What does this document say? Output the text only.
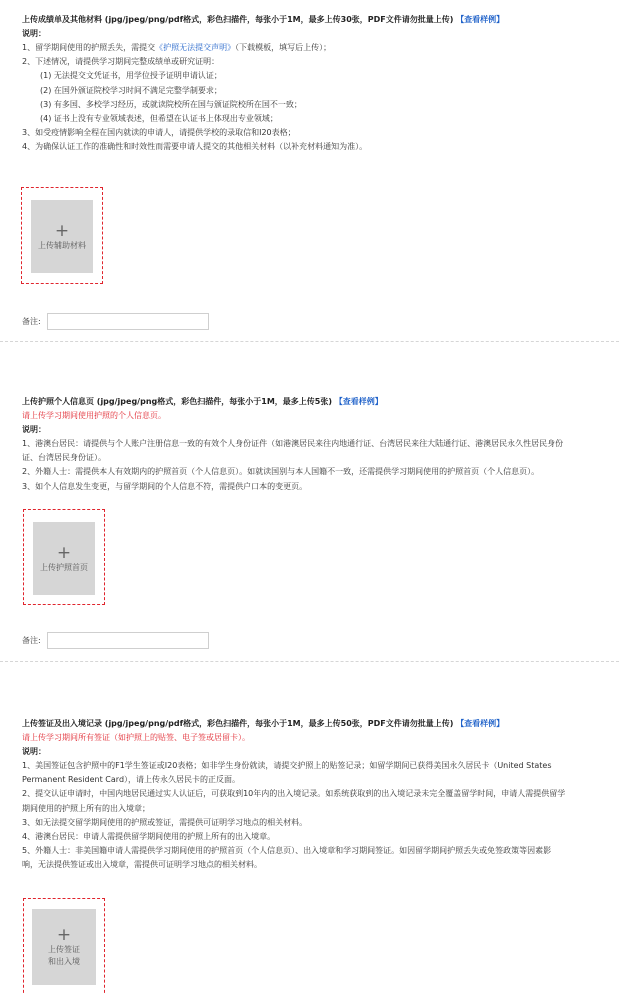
上传成绩单及其他材料 (jpg/jpeg/png/pdf格式，彩色扫描件，每张小于1M，最多上传30张，PDF文件请勿批量上传) 【查看样例】
说明：
1、留学期间使用的护照丢失，需提交《护照无法提交声明》（下载模板，填写后上传）；
2、下述情况，请提供学习期间完整成绩单或研究证明：
(1) 无法提交文凭证书，用学位授予证明申请认证；
(2) 在国外颁证院校学习时间不满足完整学制要求；
(3) 有多国、多校学习经历，或就读院校所在国与颁证院校所在国不一致；
(4) 证书上没有专业领域表述，但希望在认证书上体现出专业领域；
3、如受疫情影响全程在国内就读的申请人，请提供学校的录取信和I20表格；
4、为确保认证工作的准确性和时效性而需要申请人提交的其他相关材料（以补充材料通知为准）。
+
上传辅助材料
备注:
上传护照个人信息页 (jpg/jpeg/png格式，彩色扫描件，每张小于1M，最多上传5张) 【查看样例】
请上传学习期间使用护照的个人信息页。
说明：
1、港澳台居民：请提供与个人账户注册信息一致的有效个人身份证件（如港澳居民来往内地通行证、台湾居民来往大陆通行证、港澳居民永久性居民身份
证、台湾居民身份证）。
2、外籍人士：需提供本人有效期内的护照首页（个人信息页）。如就读国别与本人国籍不一致，还需提供学习期间使用的护照首页（个人信息页）。
3、如个人信息发生变更，与留学期间的个人信息不符，需提供户口本的变更页。
+
上传护照首页
备注:
上传签证及出入境记录 (jpg/jpeg/png/pdf格式，彩色扫描件，每张小于1M，最多上传50张，PDF文件请勿批量上传) 【查看样例】
请上传学习期间所有签证（如护照上的贴签、电子签或居留卡）。
说明：
1、美国签证包含护照中的F1学生签证或I20表格；如非学生身份就读，请提交护照上的贴签记录；如留学期间已获得美国永久居民卡（United States
Permanent Resident Card），请上传永久居民卡的正反面。
2、提交认证申请时，中国内地居民通过实人认证后，可获取到10年内的出入境记录。如系统获取到的出入境记录未完全覆盖留学时间，申请人需提供留学
期间使用的护照上所有的出入境章；
3、如无法提交留学期间使用的护照或签证，需提供可证明学习地点的相关材料。
4、港澳台居民：申请人需提供留学期间使用的护照上所有的出入境章。
5、外籍人士：非美国籍申请人需提供学习期间使用的护照首页（个人信息页）、出入境章和学习期间签证。如因留学期间护照丢失或免签政策等因素影
响，无法提供签证或出入境章，需提供可证明学习地点的相关材料。
+
上传签证
和出入境
